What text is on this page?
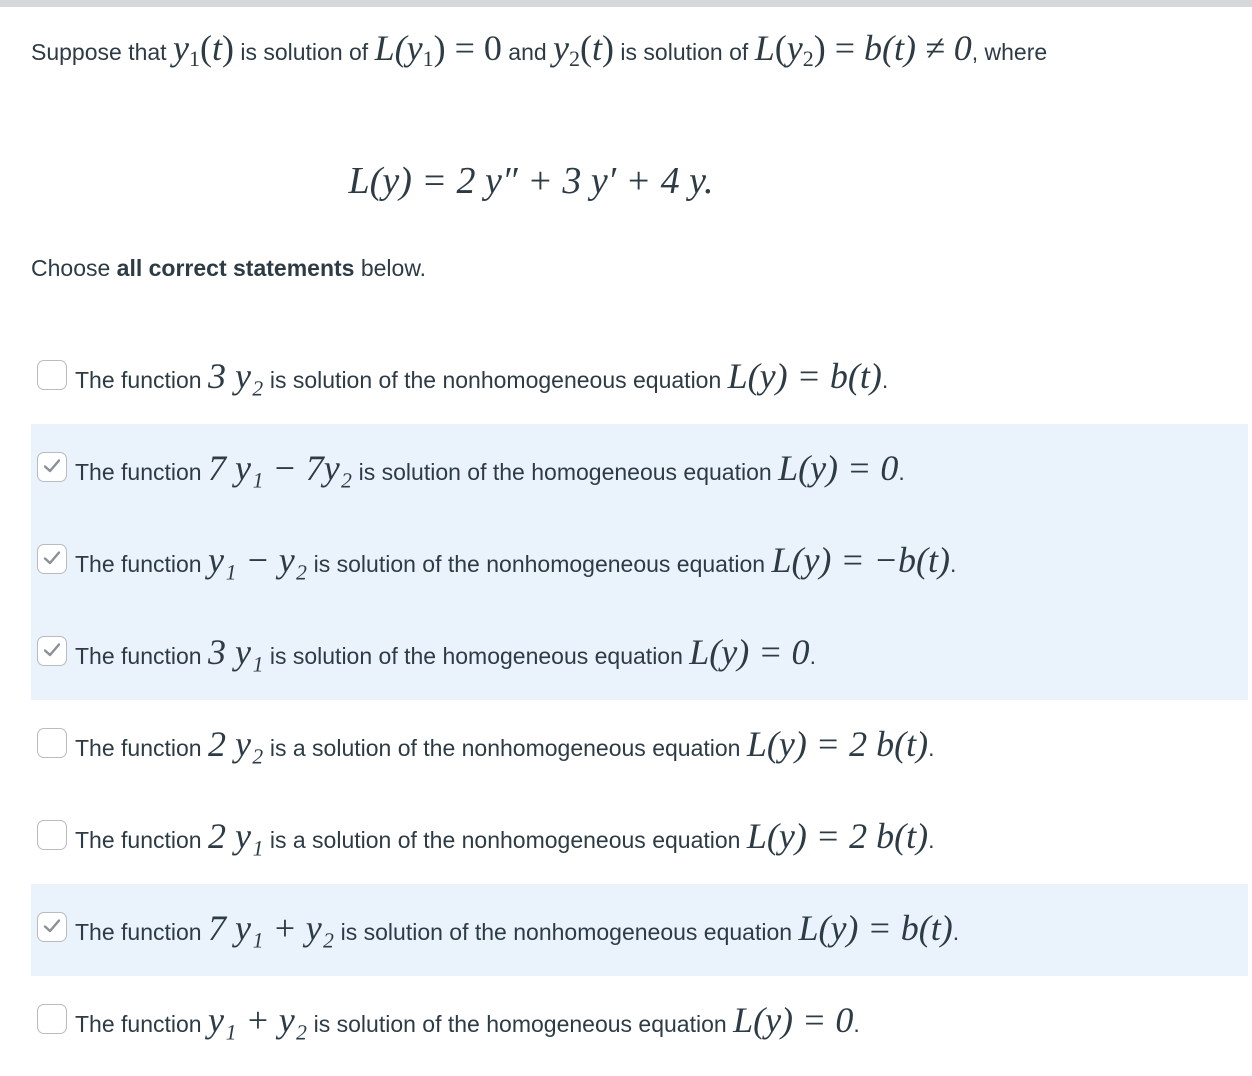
Suppose that $y_1(t)$ is solution of $L(y_1) = 0$ and $y_2(t)$ is solution of $L(y_2) = b(t) \ne 0$, where
L(y) = 2 y″ + 3 y′ + 4 y.
Choose all correct statements below.
The function 3 y₂ is solution of the nonhomogeneous equation L(y) = b(t).
The function 7 y₁ − 7y₂ is solution of the homogeneous equation L(y) = 0.
The function y₁ − y₂ is solution of the nonhomogeneous equation L(y) = −b(t).
The function 3 y₁ is solution of the homogeneous equation L(y) = 0.
The function 2 y₂ is a solution of the nonhomogeneous equation L(y) = 2 b(t).
The function 2 y₁ is a solution of the nonhomogeneous equation L(y) = 2 b(t).
The function 7 y₁ + y₂ is solution of the nonhomogeneous equation L(y) = b(t).
The function y₁ + y₂ is solution of the homogeneous equation L(y) = 0.
